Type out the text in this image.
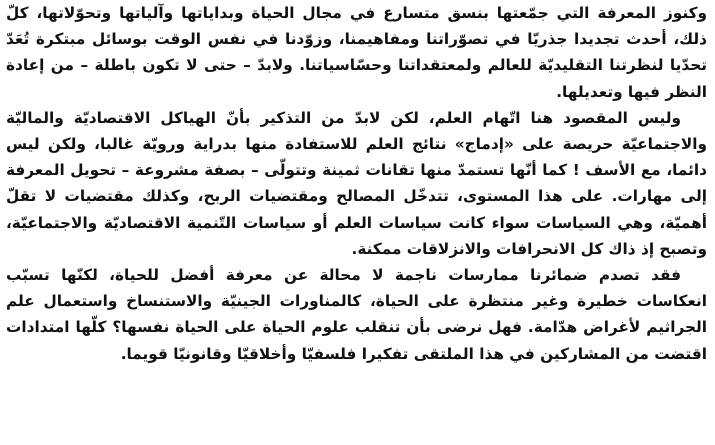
وكنوز المعرفة التي جمّعتها بنسق متسارع في مجال الحياة وبداياتها وآلياتها وتحوّلاتها، كلّ ذلك، أحدث تجديدا جذريّا في تصوّراتنا ومفاهيمنا، وزوّدنا في نفس الوقت بوسائل مبتكرة تُعَدّ تحدّيا لنظرتنا التقليديّة للعالم ولمعتقداتنا وحسّاسياتنا. ولابدّ – حتى لا تكون باطلة – من إعادة النظر فيها وتعديلها.

وليس المقصود هنا اتّهام العلم، لكن لابدّ من التذكير بأنّ الهياكل الاقتصاديّة والماليّة والاجتماعيّة حريصة على «إدماج» نتائج العلم للاستفادة منها بدراية ورويّة غالبا، ولكن ليس دائما، مع الأسف ! كما أنّها تستمدّ منها تقانات ثمينة وتتولّى – بصفة مشروعة – تحويل المعرفة إلى مهارات. على هذا المستوى، تتدخّل المصالح ومقتضيات الربح، وكذلك مقتضيات لا تقلّ أهميّة، وهي السياسات سواء كانت سياسات العلم أو سياسات التّنمية الاقتصاديّة والاجتماعيّة، وتصبح إذ ذاك كل الانحرافات والانزلاقات ممكنة.

فقد تصدم ضمائرنا ممارسات ناجمة لا محالة عن معرفة أفضل للحياة، لكنّها تسبّب انعكاسات خطيرة وغير منتظرة على الحياة، كالمناورات الجينيّة والاستنساخ واستعمال علم الجراثيم لأغراض هدّامة. فهل نرضى بأن تنقلب علوم الحياة على الحياة نفسها؟ كلّها امتدادات اقتضت من المشاركين في هذا الملتقى تفكيرا فلسفيّا وأخلاقيّا وقانونيّا قويما.
